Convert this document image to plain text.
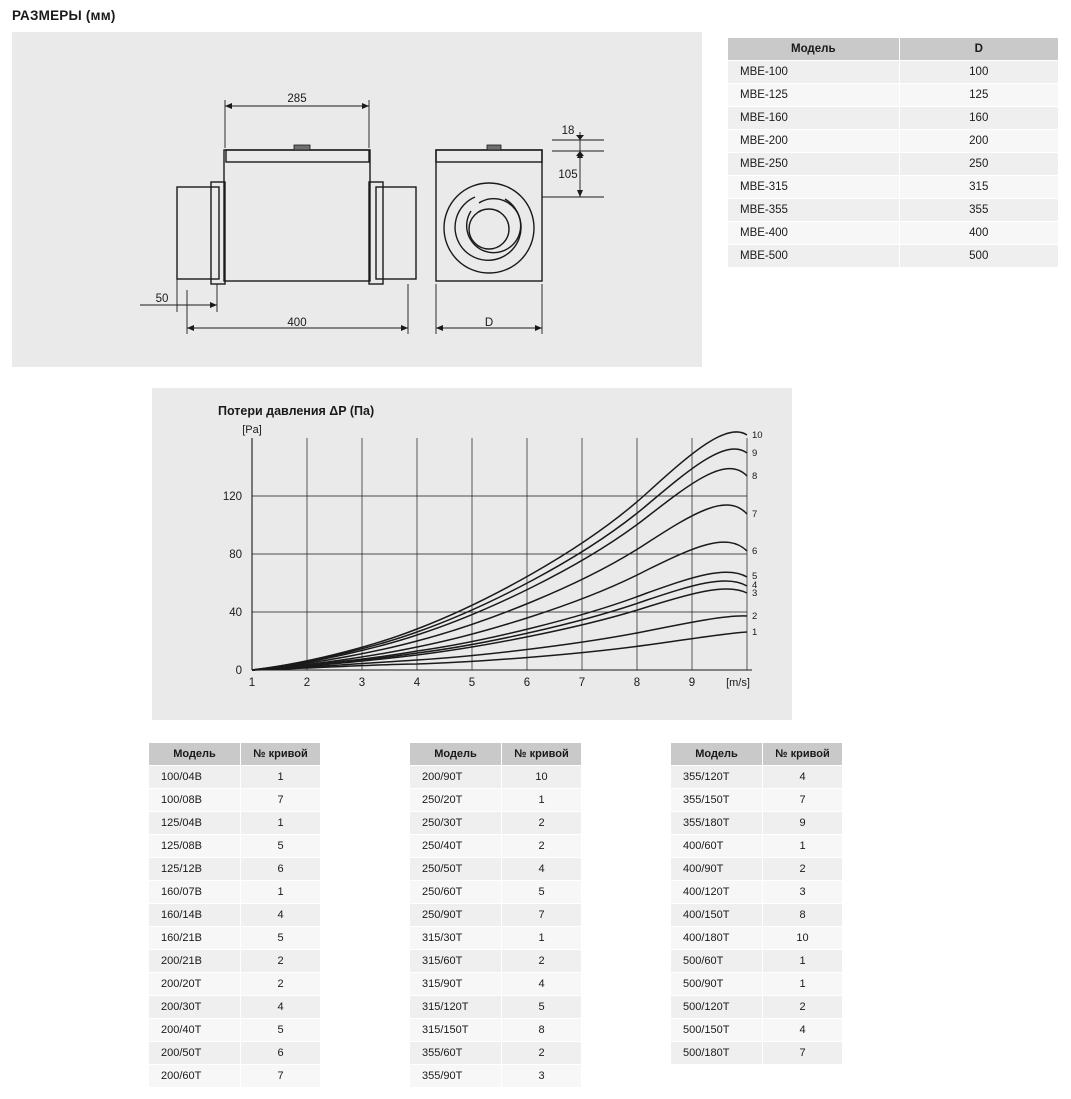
РАЗМЕРЫ (мм)
285
400
50
18
105
D
Модель	D
MBE-100	100
MBE-125	125
MBE-160	160
MBE-200	200
MBE-250	250
MBE-315	315
MBE-355	355
MBE-400	400
MBE-500	500
Потери давления ΔP (Па)
0
40
80
120
[Pa]
1	2	3	4	5	6	7	8	9	[m/s]
1
2
3
4
5
6
7
8
9
10
Модель	№ кривой
100/04B	1
100/08B	7
125/04B	1
125/08B	5
125/12B	6
160/07B	1
160/14B	4
160/21B	5
200/21B	2
200/20T	2
200/30T	4
200/40T	5
200/50T	6
200/60T	7
Модель	№ кривой
200/90T	10
250/20T	1
250/30T	2
250/40T	2
250/50T	4
250/60T	5
250/90T	7
315/30T	1
315/60T	2
315/90T	4
315/120T	5
315/150T	8
355/60T	2
355/90T	3
Модель	№ кривой
355/120T	4
355/150T	7
355/180T	9
400/60T	1
400/90T	2
400/120T	3
400/150T	8
400/180T	10
500/60T	1
500/90T	1
500/120T	2
500/150T	4
500/180T	7
